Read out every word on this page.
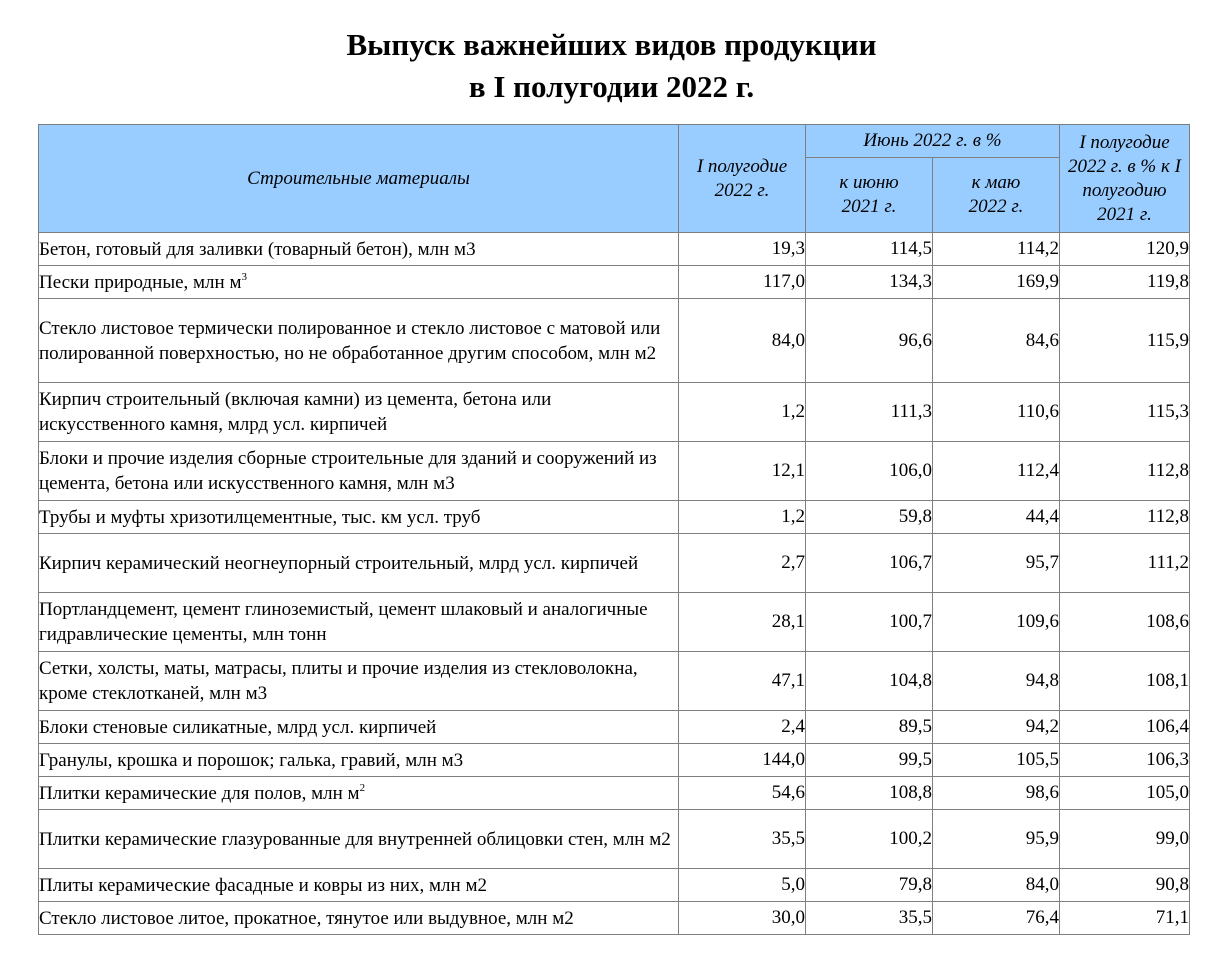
Выпуск важнейших видов продукции
в I полугодии 2022 г.
Строительные материалы	I полугодие 2022 г.	Июнь 2022 г. в %		I полугодие 2022 г. в % к I полугодию 2021 г.
		к июню 2021 г.	к маю 2022 г.	
Бетон, готовый для заливки (товарный бетон), млн м3	19,3	114,5	114,2	120,9
Пески природные, млн $м^3$	117,0	134,3	169,9	119,8
Стекло листовое термически полированное и стекло листовое с матовой или полированной поверхностью, но не обработанное другим способом, млн м2	84,0	96,6	84,6	115,9
Кирпич строительный (включая камни) из цемента, бетона или искусственного камня, млрд усл. кирпичей	1,2	111,3	110,6	115,3
Блоки и прочие изделия сборные строительные для зданий и сооружений из цемента, бетона или искусственного камня, млн м3	12,1	106,0	112,4	112,8
Трубы и муфты хризотилцементные, тыс. км усл. труб	1,2	59,8	44,4	112,8
Кирпич керамический неогнеупорный строительный, млрд усл. кирпичей	2,7	106,7	95,7	111,2
Портландцемент, цемент глиноземистый, цемент шлаковый и аналогичные гидравлические цементы, млн тонн	28,1	100,7	109,6	108,6
Сетки, холсты, маты, матрасы, плиты и прочие изделия из стекловолокна, кроме стеклотканей, млн м3	47,1	104,8	94,8	108,1
Блоки стеновые силикатные, млрд усл. кирпичей	2,4	89,5	94,2	106,4
Гранулы, крошка и порошок; галька, гравий, млн м3	144,0	99,5	105,5	106,3
Плитки керамические для полов, млн $м^2$	54,6	108,8	98,6	105,0
Плитки керамические глазурованные для внутренней облицовки стен, млн м2	35,5	100,2	95,9	99,0
Плиты керамические фасадные и ковры из них, млн м2	5,0	79,8	84,0	90,8
Стекло листовое литое, прокатное, тянутое или выдувное, млн м2	30,0	35,5	76,4	71,1
